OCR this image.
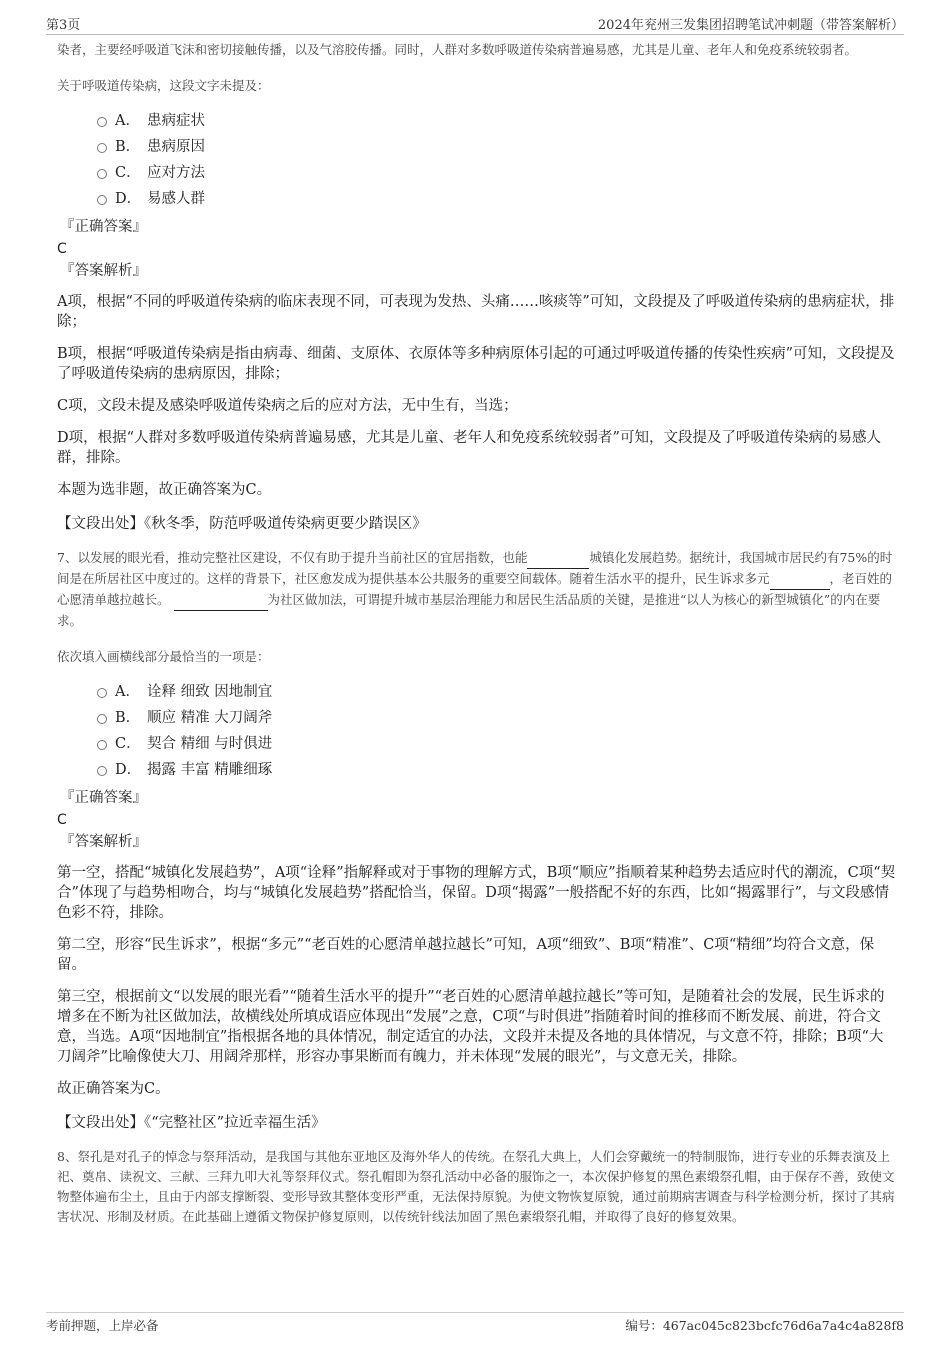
第3页	2024年兖州三发集团招聘笔试冲刺题（带答案解析）

染者，主要经呼吸道飞沫和密切接触传播，以及气溶胶传播。同时，人群对多数呼吸道传染病普遍易感，尤其是儿童、老年人和免疫系统较弱者。

关于呼吸道传染病，这段文字未提及：

A． 患病症状
B． 患病原因
C． 应对方法
D． 易感人群

『正确答案』

C

『答案解析』

A项，根据“不同的呼吸道传染病的临床表现不同，可表现为发热、头痛……咳痰等”可知，文段提及了呼吸道传染病的患病症状，排除；

B项，根据“呼吸道传染病是指由病毒、细菌、支原体、衣原体等多种病原体引起的可通过呼吸道传播的传染性疾病”可知，文段提及了呼吸道传染病的患病原因，排除；

C项，文段未提及感染呼吸道传染病之后的应对方法，无中生有，当选；

D项，根据“人群对多数呼吸道传染病普遍易感，尤其是儿童、老年人和免疫系统较弱者”可知，文段提及了呼吸道传染病的易感人群，排除。

本题为选非题，故正确答案为C。

【文段出处】《秋冬季，防范呼吸道传染病更要少踏误区》

7、以发展的眼光看，推动完整社区建设，不仅有助于提升当前社区的宜居指数，也能	城镇化发展趋势。据统计，我国城市居民约有75%的时间是在所居社区中度过的。这样的背景下，社区愈发成为提供基本公共服务的重要空间载体。随着生活水平的提升，民生诉求多元	，老百姓的心愿清单越拉越长。	为社区做加法，可谓提升城市基层治理能力和居民生活品质的关键，是推进“以人为核心的新型城镇化”的内在要求。

依次填入画横线部分最恰当的一项是：

A． 诠释 细致 因地制宜
B． 顺应 精准 大刀阔斧
C． 契合 精细 与时俱进
D． 揭露 丰富 精雕细琢

『正确答案』

C

『答案解析』

第一空，搭配“城镇化发展趋势”，A项“诠释”指解释或对于事物的理解方式，B项“顺应”指顺着某种趋势去适应时代的潮流，C项“契合”体现了与趋势相吻合，均与“城镇化发展趋势”搭配恰当，保留。D项“揭露”一般搭配不好的东西，比如“揭露罪行”，与文段感情色彩不符，排除。

第二空，形容“民生诉求”，根据“多元”“老百姓的心愿清单越拉越长”可知，A项“细致”、B项“精准”、C项“精细”均符合文意，保留。

第三空，根据前文“以发展的眼光看”“随着生活水平的提升”“老百姓的心愿清单越拉越长”等可知，是随着社会的发展，民生诉求的增多在不断为社区做加法，故横线处所填成语应体现出“发展”之意，C项“与时俱进”指随着时间的推移而不断发展、前进，符合文意，当选。A项“因地制宜”指根据各地的具体情况，制定适宜的办法，文段并未提及各地的具体情况，与文意不符，排除；B项“大刀阔斧”比喻像使大刀、用阔斧那样，形容办事果断而有魄力，并未体现“发展的眼光”，与文意无关，排除。

故正确答案为C。

【文段出处】《“完整社区”拉近幸福生活》

8、祭孔是对孔子的悼念与祭拜活动，是我国与其他东亚地区及海外华人的传统。在祭孔大典上，人们会穿戴统一的特制服饰，进行专业的乐舞表演及上祀、奠帛、读祝文、三献、三拜九叩大礼等祭拜仪式。祭孔帽即为祭孔活动中必备的服饰之一，本次保护修复的黑色素缎祭孔帽，由于保存不善，致使文物整体遍布尘土，且由于内部支撑断裂、变形导致其整体变形严重，无法保持原貌。为使文物恢复原貌，通过前期病害调查与科学检测分析，探讨了其病害状况、形制及材质。在此基础上遵循文物保护修复原则，以传统针线法加固了黑色素缎祭孔帽，并取得了良好的修复效果。

考前押题，上岸必备	编号：467ac045c823bcfc76d6a7a4c4a828f8
